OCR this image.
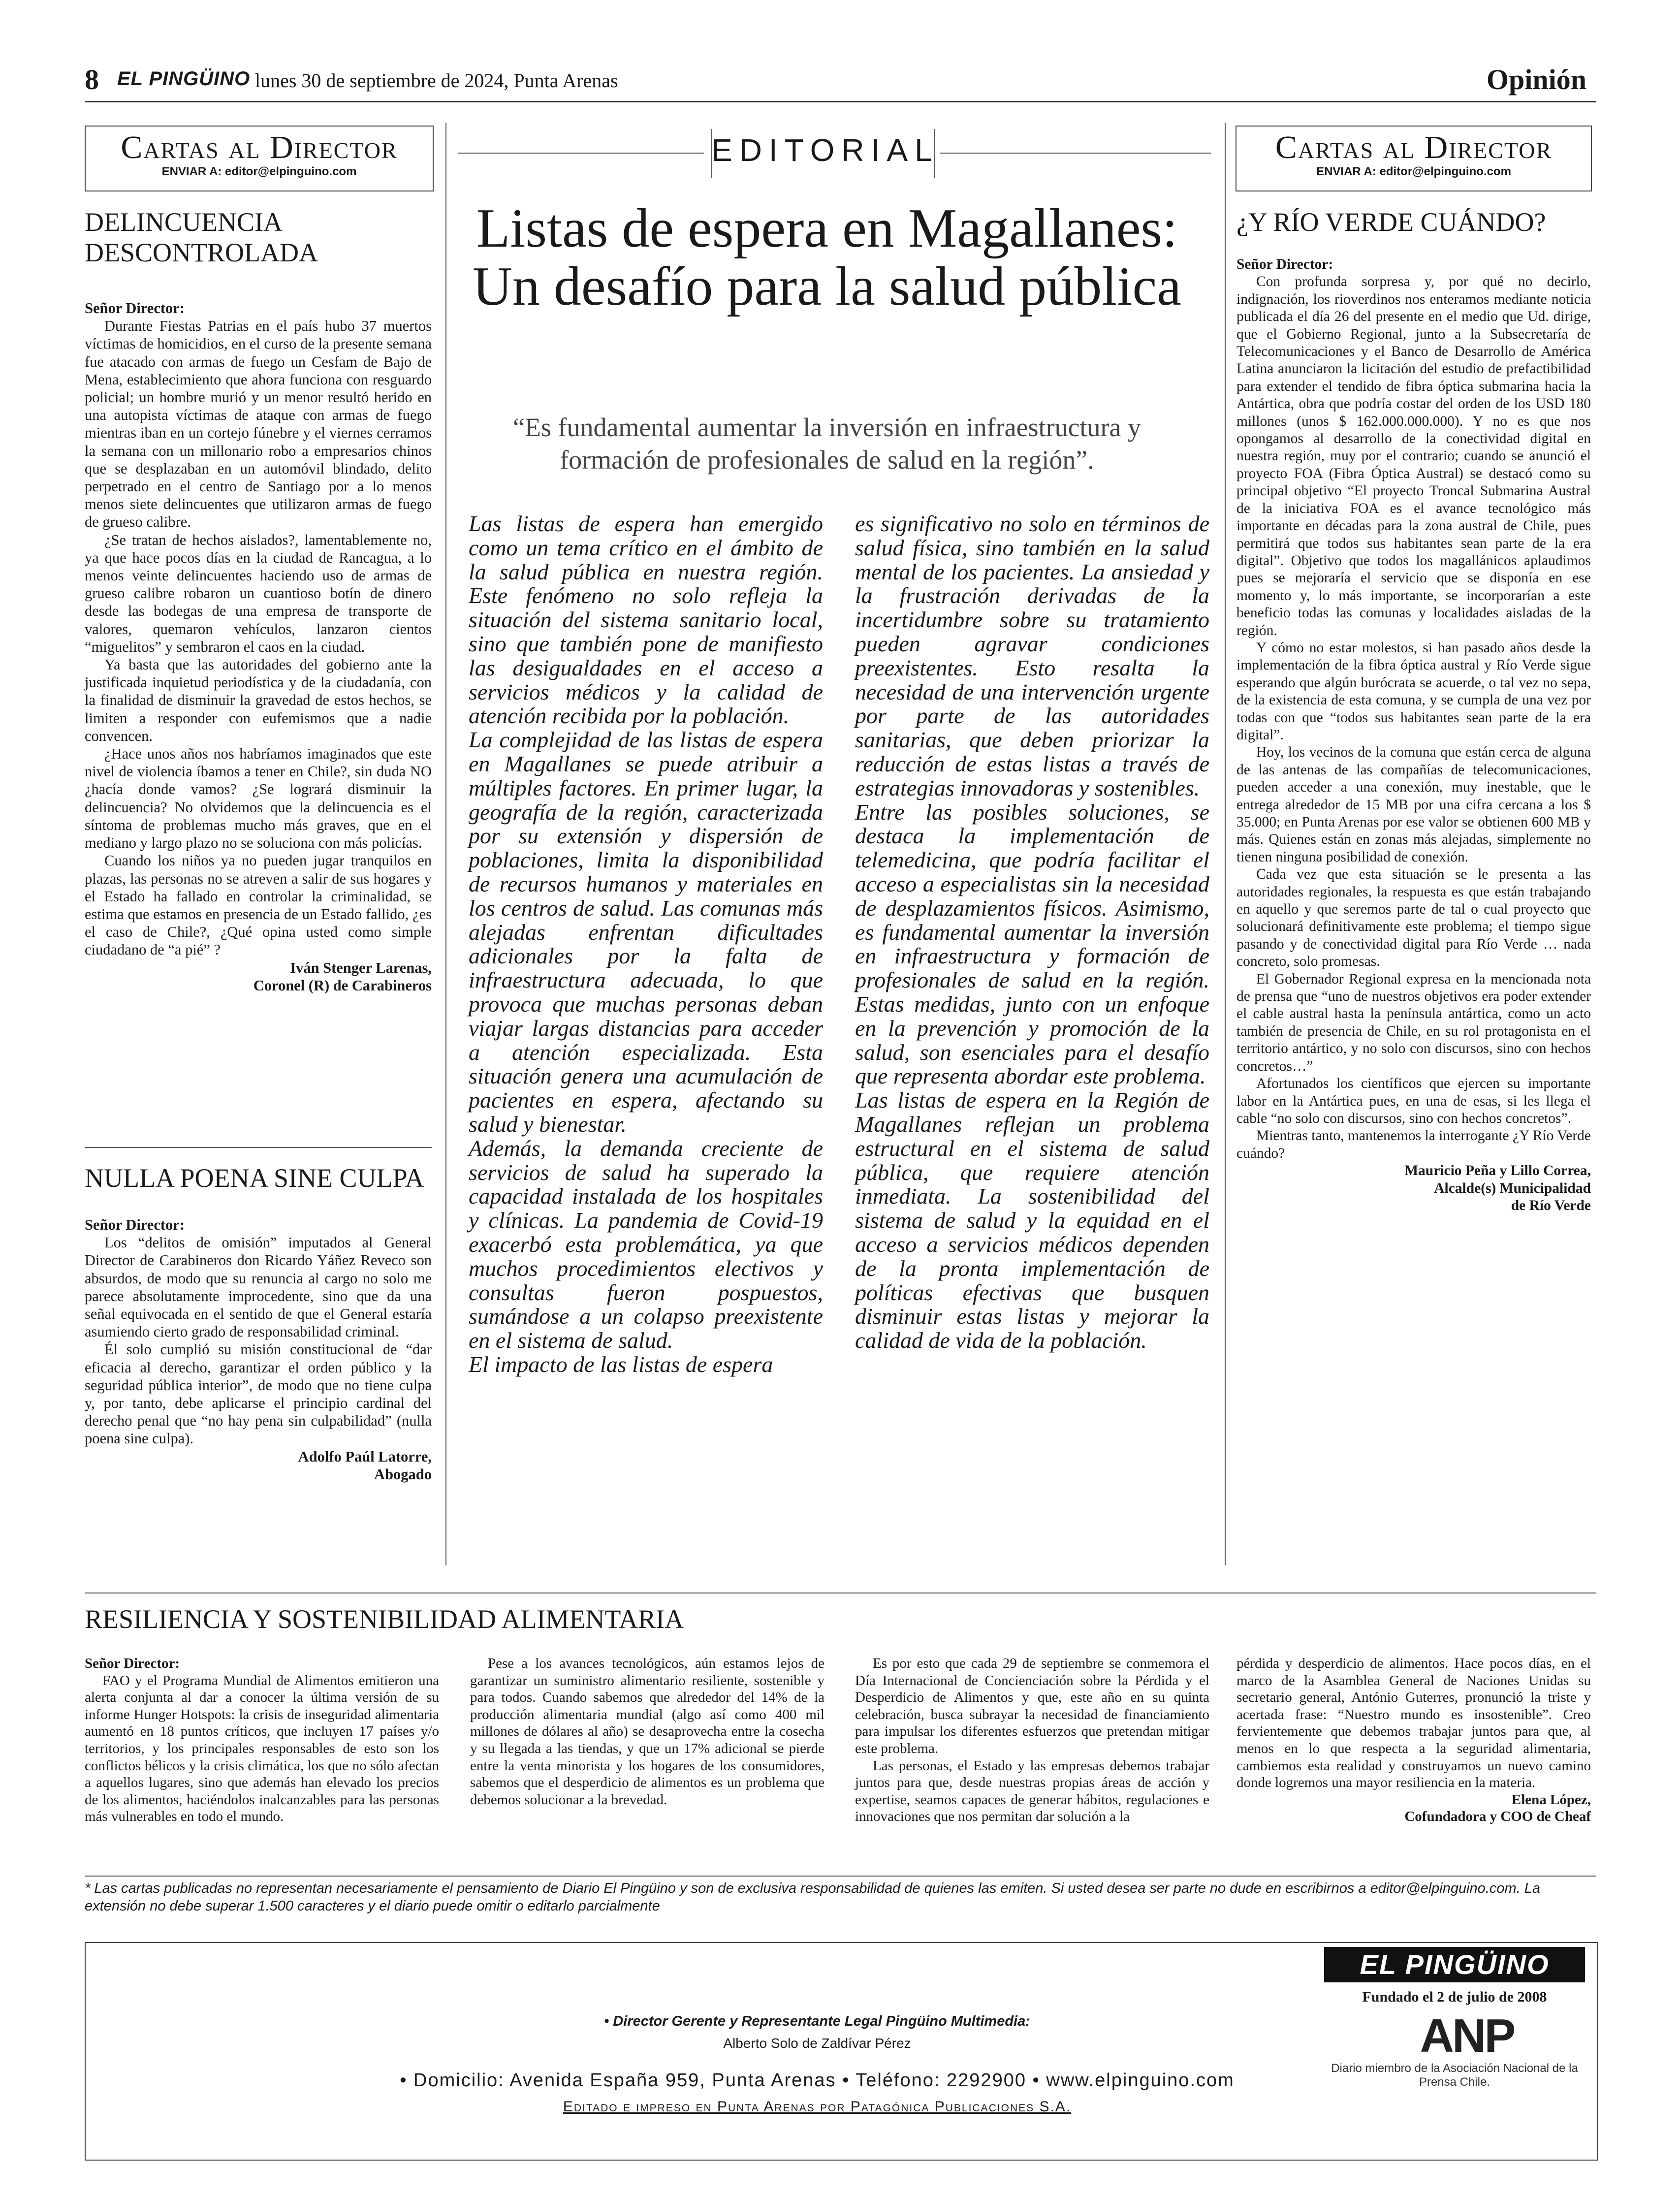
8 EL PINGÜINO lunes 30 de septiembre de 2024, Punta Arenas	Opinión
Cartas al Director
ENVIAR A: editor@elpinguino.com
DELINCUENCIA DESCONTROLADA

Señor Director:

Durante Fiestas Patrias en el país hubo 37 muertos víctimas de homicidios, en el curso de la presente semana fue atacado con armas de fuego un Cesfam de Bajo de Mena, establecimiento que ahora funciona con resguardo policial; un hombre murió y un menor resultó herido en una autopista víctimas de ataque con armas de fuego mientras iban en un cortejo fúnebre y el viernes cerramos la semana con un millonario robo a empresarios chinos que se desplazaban en un automóvil blindado, delito perpetrado en el centro de Santiago por a lo menos menos siete delincuentes que utilizaron armas de fuego de grueso calibre.

¿Se tratan de hechos aislados?, lamentablemente no, ya que hace pocos días en la ciudad de Rancagua, a lo menos veinte delincuentes haciendo uso de armas de grueso calibre robaron un cuantioso botín de dinero desde las bodegas de una empresa de transporte de valores, quemaron vehículos, lanzaron cientos “miguelitos” y sembraron el caos en la ciudad.

Ya basta que las autoridades del gobierno ante la justificada inquietud periodística y de la ciudadanía, con la finalidad de disminuir la gravedad de estos hechos, se limiten a responder con eufemismos que a nadie convencen.

¿Hace unos años nos habríamos imaginados que este nivel de violencia íbamos a tener en Chile?, sin duda NO ¿hacía donde vamos? ¿Se logrará disminuir la delincuencia? No olvidemos que la delincuencia es el síntoma de problemas mucho más graves, que en el mediano y largo plazo no se soluciona con más policías.

Cuando los niños ya no pueden jugar tranquilos en plazas, las personas no se atreven a salir de sus hogares y el Estado ha fallado en controlar la criminalidad, se estima que estamos en presencia de un Estado fallido, ¿es el caso de Chile?, ¿Qué opina usted como simple ciudadano de “a pié” ?

Iván Stenger Larenas,

Coronel (R) de Carabineros

NULLA POENA SINE CULPA

Señor Director:

Los “delitos de omisión” imputados al General Director de Carabineros don Ricardo Yáñez Reveco son absurdos, de modo que su renuncia al cargo no solo me parece absolutamente improcedente, sino que da una señal equivocada en el sentido de que el General estaría asumiendo cierto grado de responsabilidad criminal.

Él solo cumplió su misión constitucional de “dar eficacia al derecho, garantizar el orden público y la seguridad pública interior”, de modo que no tiene culpa y, por tanto, debe aplicarse el principio cardinal del derecho penal que “no hay pena sin culpabilidad” (nulla poena sine culpa).

Adolfo Paúl Latorre,

Abogado

EDITORIAL
Listas de espera en Magallanes: Un desafío para la salud pública
“Es fundamental aumentar la inversión en infraestructura y formación de profesionales de salud en la región”.

Las listas de espera han emergido como un tema crítico en el ámbito de la salud pública en nuestra región. Este fenómeno no solo refleja la situación del sistema sanitario local, sino que también pone de manifiesto las desigualdades en el acceso a servicios médicos y la calidad de atención recibida por la población.

La complejidad de las listas de espera en Magallanes se puede atribuir a múltiples factores. En primer lugar, la geografía de la región, caracterizada por su extensión y dispersión de poblaciones, limita la disponibilidad de recursos humanos y materiales en los centros de salud. Las comunas más alejadas enfrentan dificultades adicionales por la falta de infraestructura adecuada, lo que provoca que muchas personas deban viajar largas distancias para acceder a atención especializada. Esta situación genera una acumulación de pacientes en espera, afectando su salud y bienestar.

Además, la demanda creciente de servicios de salud ha superado la capacidad instalada de los hospitales y clínicas. La pandemia de Covid-19 exacerbó esta problemática, ya que muchos procedimientos electivos y consultas fueron pospuestos, sumándose a un colapso preexistente en el sistema de salud.

El impacto de las listas de espera

es significativo no solo en términos de salud física, sino también en la salud mental de los pacientes. La ansiedad y la frustración derivadas de la incertidumbre sobre su tratamiento pueden agravar condiciones preexistentes. Esto resalta la necesidad de una intervención urgente por parte de las autoridades sanitarias, que deben priorizar la reducción de estas listas a través de estrategias innovadoras y sostenibles.

Entre las posibles soluciones, se destaca la implementación de telemedicina, que podría facilitar el acceso a especialistas sin la necesidad de desplazamientos físicos. Asimismo, es fundamental aumentar la inversión en infraestructura y formación de profesionales de salud en la región. Estas medidas, junto con un enfoque en la prevención y promoción de la salud, son esenciales para el desafío que representa abordar este problema.

Las listas de espera en la Región de Magallanes reflejan un problema estructural en el sistema de salud pública, que requiere atención inmediata. La sostenibilidad del sistema de salud y la equidad en el acceso a servicios médicos dependen de la pronta implementación de políticas efectivas que busquen disminuir estas listas y mejorar la calidad de vida de la población.

Cartas al Director
ENVIAR A: editor@elpinguino.com
¿Y RÍO VERDE CUÁNDO?

Señor Director:

Con profunda sorpresa y, por qué no decirlo, indignación, los rioverdinos nos enteramos mediante noticia publicada el día 26 del presente en el medio que Ud. dirige, que el Gobierno Regional, junto a la Subsecretaría de Telecomunicaciones y el Banco de Desarrollo de América Latina anunciaron la licitación del estudio de prefactibilidad para extender el tendido de fibra óptica submarina hacia la Antártica, obra que podría costar del orden de los USD 180 millones (unos $ 162.000.000.000). Y no es que nos opongamos al desarrollo de la conectividad digital en nuestra región, muy por el contrario; cuando se anunció el proyecto FOA (Fibra Óptica Austral) se destacó como su principal objetivo “El proyecto Troncal Submarina Austral de la iniciativa FOA es el avance tecnológico más importante en décadas para la zona austral de Chile, pues permitirá que todos sus habitantes sean parte de la era digital”. Objetivo que todos los magallánicos aplaudimos pues se mejoraría el servicio que se disponía en ese momento y, lo más importante, se incorporarían a este beneficio todas las comunas y localidades aisladas de la región.

Y cómo no estar molestos, si han pasado años desde la implementación de la fibra óptica austral y Río Verde sigue esperando que algún burócrata se acuerde, o tal vez no sepa, de la existencia de esta comuna, y se cumpla de una vez por todas con que “todos sus habitantes sean parte de la era digital”.

Hoy, los vecinos de la comuna que están cerca de alguna de las antenas de las compañías de telecomunicaciones, pueden acceder a una conexión, muy inestable, que le entrega alrededor de 15 MB por una cifra cercana a los $ 35.000; en Punta Arenas por ese valor se obtienen 600 MB y más. Quienes están en zonas más alejadas, simplemente no tienen ninguna posibilidad de conexión.

Cada vez que esta situación se le presenta a las autoridades regionales, la respuesta es que están trabajando en aquello y que seremos parte de tal o cual proyecto que solucionará definitivamente este problema; el tiempo sigue pasando y de conectividad digital para Río Verde … nada concreto, solo promesas.

El Gobernador Regional expresa en la mencionada nota de prensa que “uno de nuestros objetivos era poder extender el cable austral hasta la península antártica, como un acto también de presencia de Chile, en su rol protagonista en el territorio antártico, y no solo con discursos, sino con hechos concretos…”

Afortunados los científicos que ejercen su importante labor en la Antártica pues, en una de esas, si les llega el cable “no solo con discursos, sino con hechos concretos”.

Mientras tanto, mantenemos la interrogante ¿Y Río Verde cuándo?

Mauricio Peña y Lillo Correa,

Alcalde(s) Municipalidad

de Río Verde

RESILIENCIA Y SOSTENIBILIDAD ALIMENTARIA

Señor Director:

FAO y el Programa Mundial de Alimentos emitieron una alerta conjunta al dar a conocer la última versión de su informe Hunger Hotspots: la crisis de inseguridad alimentaria aumentó en 18 puntos críticos, que incluyen 17 países y/o territorios, y los principales responsables de esto son los conflictos bélicos y la crisis climática, los que no sólo afectan a aquellos lugares, sino que además han elevado los precios de los alimentos, haciéndolos inalcanzables para las personas más vulnerables en todo el mundo.

Pese a los avances tecnológicos, aún estamos lejos de garantizar un suministro alimentario resiliente, sostenible y para todos. Cuando sabemos que alrededor del 14% de la producción alimentaria mundial (algo así como 400 mil millones de dólares al año) se desaprovecha entre la cosecha y su llegada a las tiendas, y que un 17% adicional se pierde entre la venta minorista y los hogares de los consumidores, sabemos que el desperdicio de alimentos es un problema que debemos solucionar a la brevedad.

Es por esto que cada 29 de septiembre se conmemora el Día Internacional de Concienciación sobre la Pérdida y el Desperdicio de Alimentos y que, este año en su quinta celebración, busca subrayar la necesidad de financiamiento para impulsar los diferentes esfuerzos que pretendan mitigar este problema.

Las personas, el Estado y las empresas debemos trabajar juntos para que, desde nuestras propias áreas de acción y expertise, seamos capaces de generar hábitos, regulaciones e innovaciones que nos permitan dar solución a la

pérdida y desperdicio de alimentos. Hace pocos días, en el marco de la Asamblea General de Naciones Unidas su secretario general, António Guterres, pronunció la triste y acertada frase: “Nuestro mundo es insostenible”. Creo fervientemente que debemos trabajar juntos para que, al menos en lo que respecta a la seguridad alimentaria, cambiemos esta realidad y construyamos un nuevo camino donde logremos una mayor resiliencia en la materia.

Elena López,

Cofundadora y COO de Cheaf

* Las cartas publicadas no representan necesariamente el pensamiento de Diario El Pingüino y son de exclusiva responsabilidad de quienes las emiten. Si usted desea ser parte no dude en escribirnos a editor@elpinguino.com. La extensión no debe superar 1.500 caracteres y el diario puede omitir o editarlo parcialmente
• Director Gerente y Representante Legal Pingüino Multimedia:
Alberto Solo de Zaldívar Pérez
• Domicilio: Avenida España 959, Punta Arenas • Teléfono: 2292900 • www.elpinguino.com
Editado e impreso en Punta Arenas por Patagónica Publicaciones S.A.
EL PINGÜINO
Fundado el 2 de julio de 2008
ANP
Diario miembro de la Asociación Nacional de la Prensa Chile.
